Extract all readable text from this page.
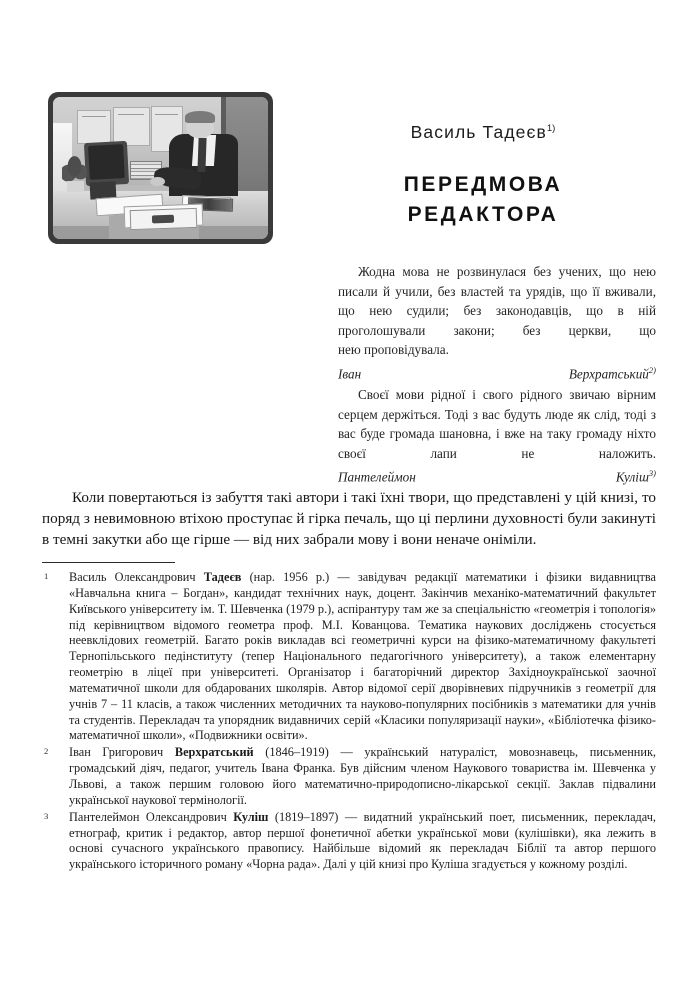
Василь Тадеєв$^{1)}$
ПЕРЕДМОВА
РЕДАКТОРА
Жодна мова не розвинулася без учених, що нею писали й учили, без властей та урядів, що її вживали, що нею судили; без законодавців, що в ній проголошували закони; без церкви, що
нею проповідувала.
Іван Верхратський$^{2)}$
Своєї мови рідної і свого рідного звичаю вірним серцем держіться. Тоді з вас будуть люде як слід, тоді з вас буде громада шановна, і вже на таку громаду ніхто своєї лапи не наложить.
Пантелеймон Куліш$^{3)}$
Коли повертаються із забуття такі автори і такі їхні твори, що представлені у цій книзі, то поряд з невимовною втіхою проступає й гірка печаль, що ці перлини духовності були закинуті в темні закутки або ще гірше — від них забрали мову і вони неначе оніміли.
1	Василь Олександрович Тадеєв (нар. 1956 р.) — завідувач редакції математики і фізики видавництва «Навчальна книга – Богдан», кандидат технічних наук, доцент. Закінчив механіко-математичний факультет Київського університету ім. Т. Шевченка (1979 р.), аспірантуру там же за спеціальністю «геометрія і топологія» під керівництвом відомого геометра проф. М.І. Кованцова. Тематика наукових досліджень стосується неевклідових геометрій. Багато років викладав всі геометричні курси на фізико-математичному факультеті Тернопільського педінституту (тепер Національного педагогічного університету), а також елементарну геометрію в ліцеї при університеті. Організатор і багаторічний директор Західноукраїнської заочної математичної школи для обдарованих школярів. Автор відомої серії дворівневих підручників з геометрії для учнів 7 – 11 класів, а також численних методичних та науково-популярних посібників з математики для учнів та студентів. Перекладач та упорядник видавничих серій «Класики популяризації науки», «Бібліотечка фізико-математичної школи», «Подвижники освіти».
2	Іван Григорович Верхратський (1846–1919) — український натураліст, мовознавець, письменник, громадський діяч, педагог, учитель Івана Франка. Був дійсним членом Наукового товариства ім. Шевченка у Львові, а також першим головою його математично-природописно-лікарської секції. Заклав підвалини української наукової термінології.
3	Пантелеймон Олександрович Куліш (1819–1897) — видатний український поет, письменник, перекладач, етнограф, критик і редактор, автор першої фонетичної абетки української мови (кулішівки), яка лежить в основі сучасного українського правопису. Найбільше відомий як перекладач Біблії та автор першого українського історичного роману «Чорна рада». Далі у цій книзі про Куліша згадується у кожному розділі.
